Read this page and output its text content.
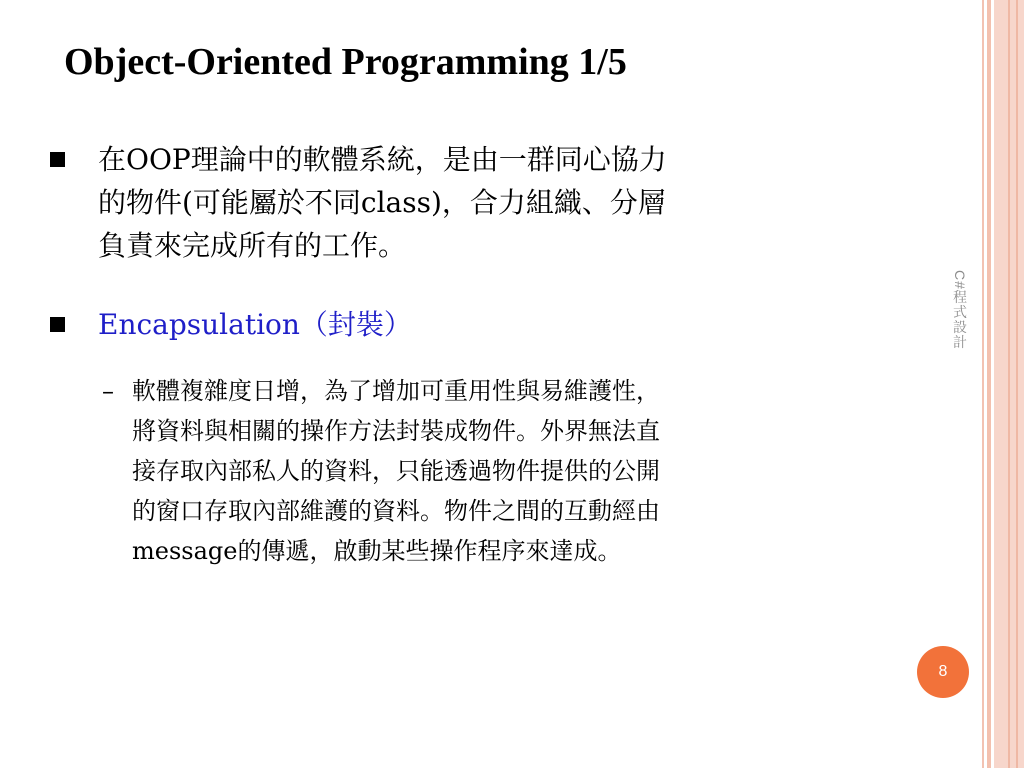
Object-Oriented Programming 1/5
在OOP理論中的軟體系統，是由一群同心協力
的物件(可能屬於不同class)，合力組織、分層
負責來完成所有的工作。
Encapsulation（封裝）
– 軟體複雜度日增，為了增加可重用性與易維護性，
將資料與相關的操作方法封裝成物件。外界無法直
接存取內部私人的資料，只能透過物件提供的公開
的窗口存取內部維護的資料。物件之間的互動經由
message的傳遞，啟動某些操作程序來達成。
C#程式設計
8
